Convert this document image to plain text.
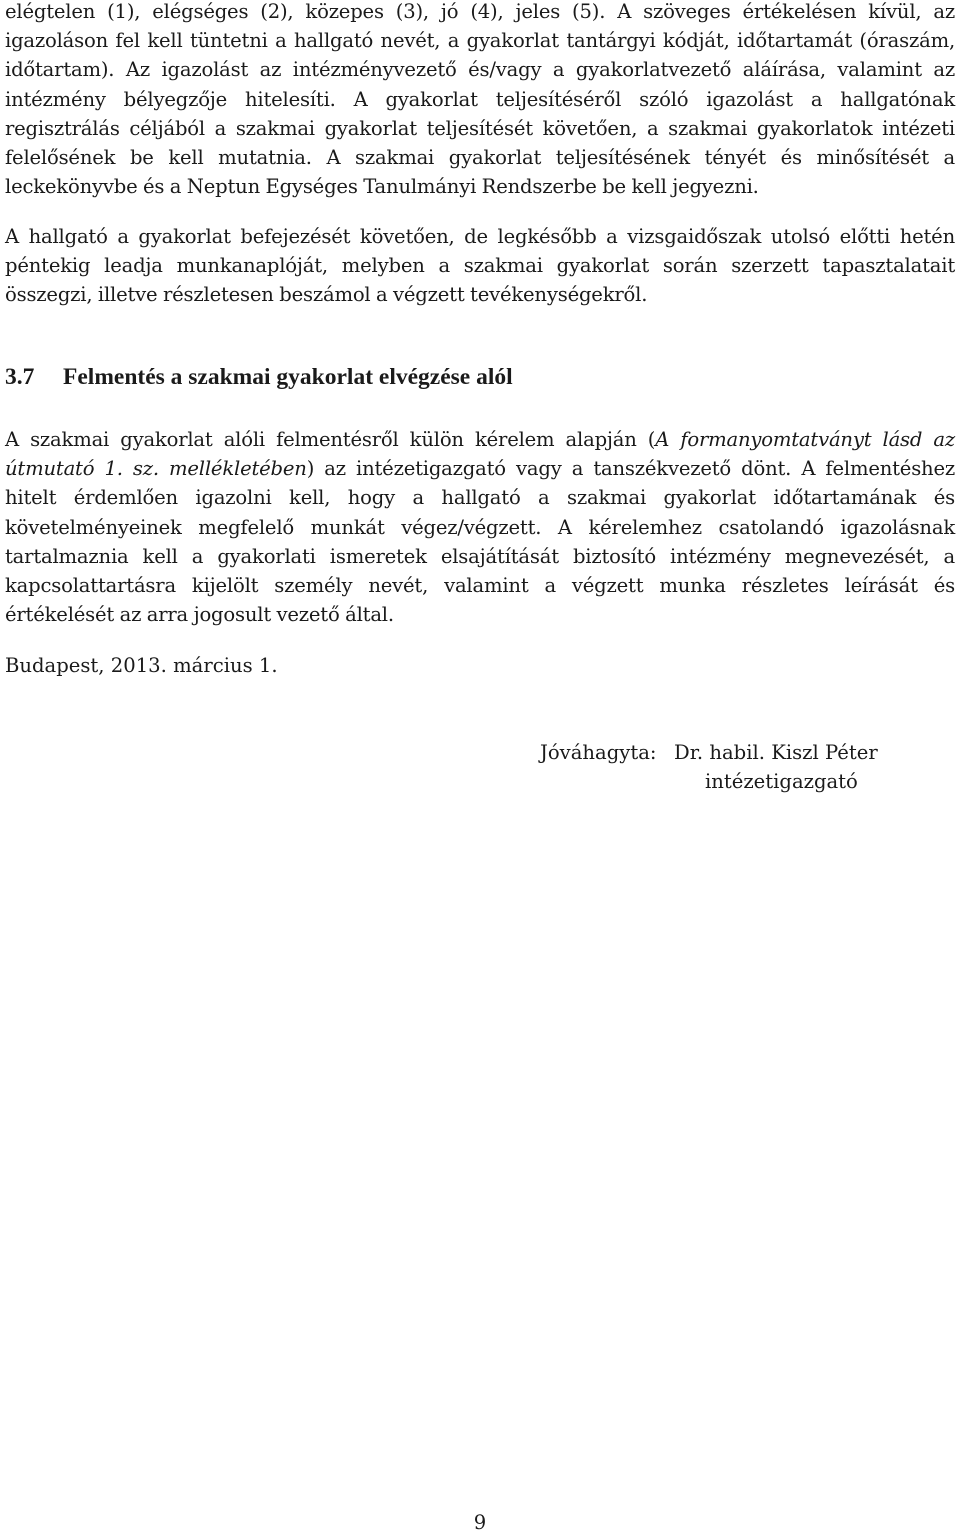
elégtelen (1), elégséges (2), közepes (3), jó (4), jeles (5). A szöveges értékelésen kívül, az igazoláson fel kell tüntetni a hallgató nevét, a gyakorlat tantárgyi kódját, időtartamát (óraszám, időtartam). Az igazolást az intézményvezető és/vagy a gyakorlatvezető aláírása, valamint az intézmény bélyegzője hitelesíti. A gyakorlat teljesítéséről szóló igazolást a hallgatónak regisztrálás céljából a szakmai gyakorlat teljesítését követően, a szakmai gyakorlatok intézeti felelősének be kell mutatnia. A szakmai gyakorlat teljesítésének tényét és minősítését a leckekönyvbe és a Neptun Egységes Tanulmányi Rendszerbe be kell jegyezni.

A hallgató a gyakorlat befejezését követően, de legkésőbb a vizsgaidőszak utolsó előtti hetén péntekig leadja munkanaplóját, melyben a szakmai gyakorlat során szerzett tapasztalatait összegzi, illetve részletesen beszámol a végzett tevékenységekről.

3.7 Felmentés a szakmai gyakorlat elvégzése alól

A szakmai gyakorlat alóli felmentésről külön kérelem alapján (A formanyomtatványt lásd az útmutató 1. sz. mellékletében) az intézetigazgató vagy a tanszékvezető dönt. A felmentéshez hitelt érdemlően igazolni kell, hogy a hallgató a szakmai gyakorlat időtartamának és követelményeinek megfelelő munkát végez/végzett. A kérelemhez csatolandó igazolásnak tartalmaznia kell a gyakorlati ismeretek elsajátítását biztosító intézmény megnevezését, a kapcsolattartásra kijelölt személy nevét, valamint a végzett munka részletes leírását és értékelését az arra jogosult vezető által.

Budapest, 2013. március 1.

Jóváhagyta: Dr. habil. Kiszl Péter
intézetigazgató
9
